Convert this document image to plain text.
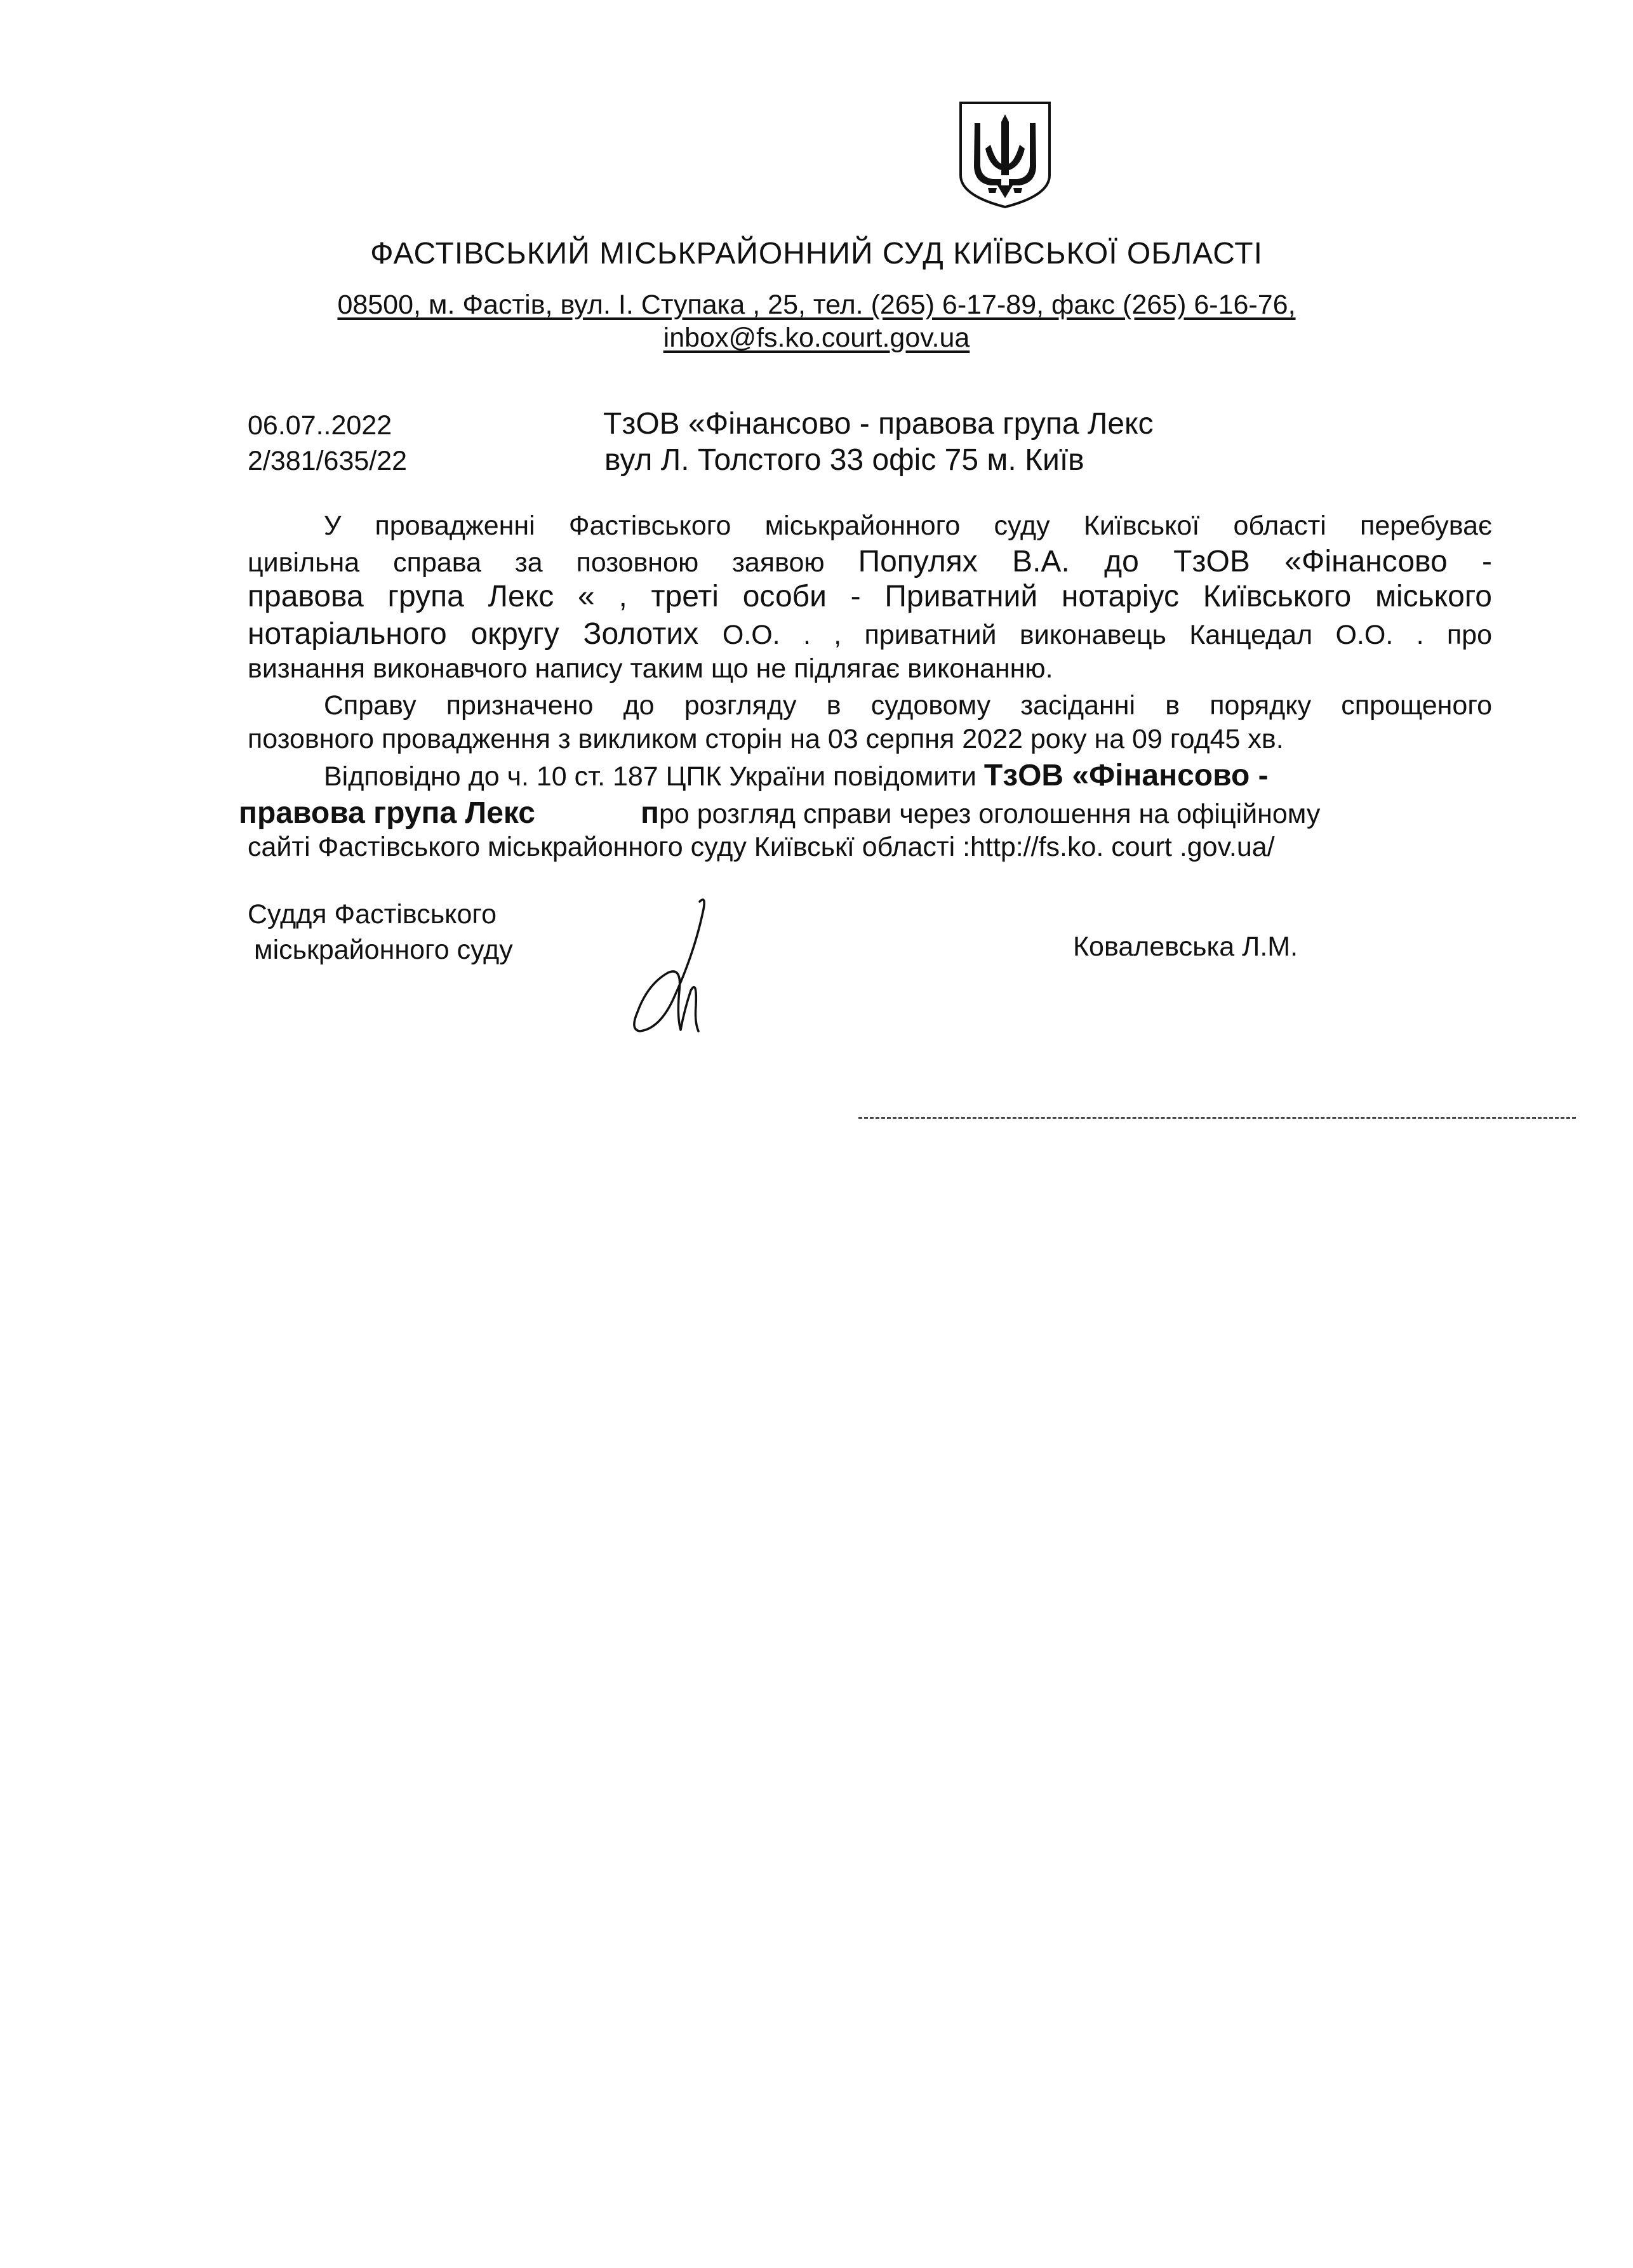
ФАСТІВСЬКИЙ МІСЬКРАЙОННИЙ СУД КИЇВСЬКОЇ ОБЛАСТІ
08500, м. Фастів, вул. І. Ступака , 25, тел. (265) 6-17-89, факс (265) 6-16-76,
inbox@fs.ko.court.gov.ua
06.07..2022
2/381/635/22
ТзОВ «Фінансово - правова група Лекс
вул Л. Толстого 33 офіс 75 м. Київ
У провадженні Фастівського міськрайонного суду Київської області перебуває
цивільна справа за позовною заявою Популях В.А. до ТзОВ «Фінансово -
правова група Лекс « , треті особи - Приватний нотаріус Київського міського
нотаріального округу Золотих О.О. . , приватний виконавець Канцедал О.О. . про
визнання виконавчого напису таким що не підлягає виконанню.
Справу призначено до розгляду в судовому засіданні в порядку спрощеного
позовного провадження з викликом сторін на 03 серпня 2022 року на 09 год45 хв.
Відповідно до ч. 10 ст. 187 ЦПК України повідомити ТзОВ «Фінансово -
правова група Лекс	про розгляд справи через оголошення на офіційному
сайті Фастівського міськрайонного суду Київськї області :http://fs.ko. court .gov.ua/
Суддя Фастівського
міськрайонного суду	Ковалевська Л.М.
